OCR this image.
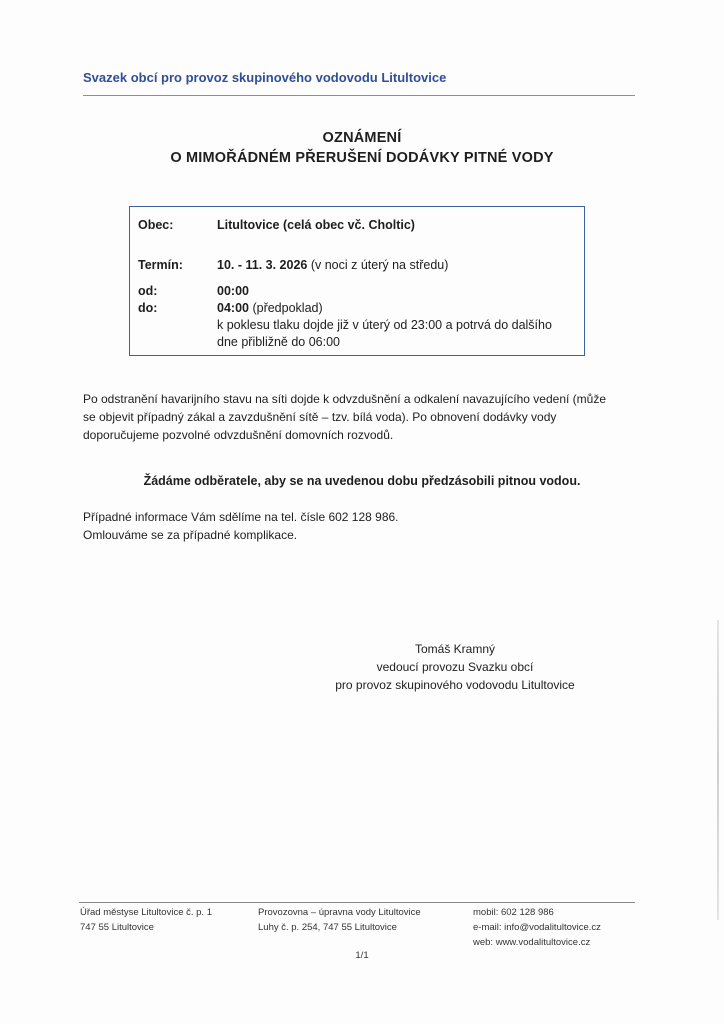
Svazek obcí pro provoz skupinového vodovodu Litultovice
OZNÁMENÍ
O MIMOŘÁDNÉM PŘERUŠENÍ DODÁVKY PITNÉ VODY
Obec:	Litultovice (celá obec vč. Choltic)
Termín:	10. - 11. 3. 2026 (v noci z úterý na středu)
od:	00:00
do:	04:00 (předpoklad)
k poklesu tlaku dojde již v úterý od 23:00 a potrvá do dalšího
dne přibližně do 06:00
Po odstranění havarijního stavu na síti dojde k odvzdušnění a odkalení navazujícího vedení (může
se objevit případný zákal a zavzdušnění sítě – tzv. bílá voda). Po obnovení dodávky vody
doporučujeme pozvolné odvzdušnění domovních rozvodů.
Žádáme odběratele, aby se na uvedenou dobu předzásobili pitnou vodou.
Případné informace Vám sdělíme na tel. čísle 602 128 986.
Omlouváme se za případné komplikace.
Tomáš Kramný
vedoucí provozu Svazku obcí
pro provoz skupinového vodovodu Litultovice
Úřad městyse Litultovice č. p. 1
747 55 Litultovice
Provozovna – úpravna vody Litultovice
Luhy č. p. 254, 747 55 Litultovice
mobil: 602 128 986
e-mail: info@vodalitultovice.cz
web: www.vodalitultovice.cz
1/1
